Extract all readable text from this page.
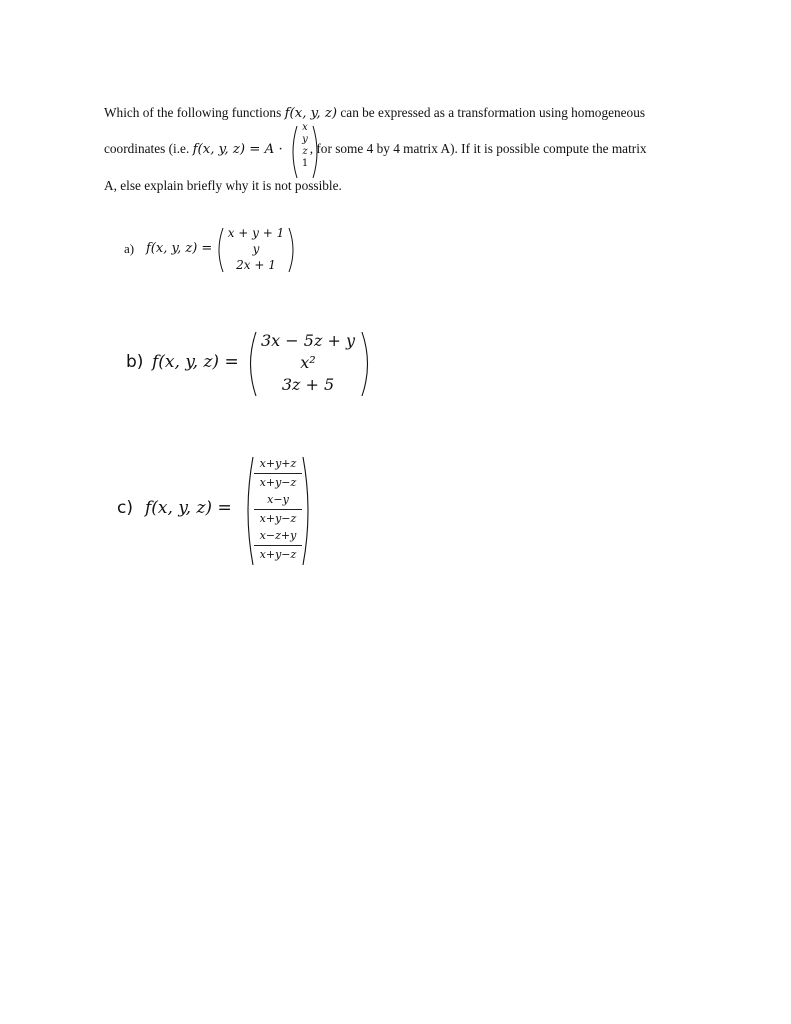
Which of the following functions f(x, y, z) can be expressed as a transformation using homogeneous
coordinates (i.e. f(x, y, z) = A · , for some 4 by 4 matrix A). If it is possible compute the matrix
x
y
z
1
A, else explain briefly why it is not possible.
a) f(x, y, z) =
x + y + 1
y
2x + 1
b) f(x, y, z) =
3x − 5z + y
x²
3z + 5
c) f(x, y, z) =
$\frac{x+y+z}{x+y-z}$
$\frac{x-y}{x+y-z}$
$\frac{x-z+y}{x+y-z}$
